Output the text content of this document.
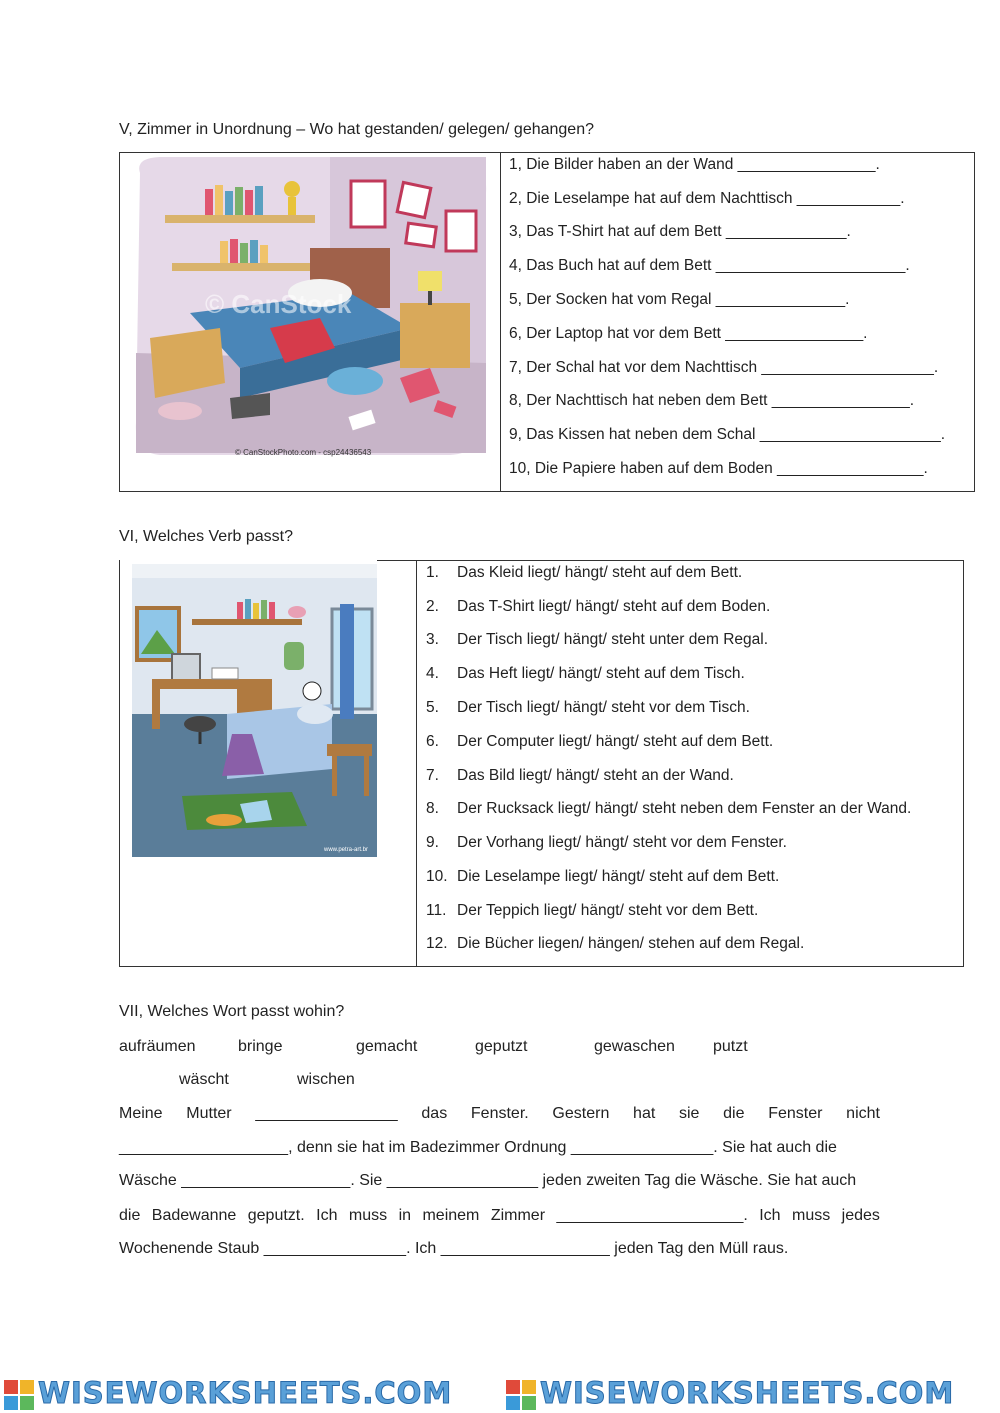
V, Zimmer in Unordnung – Wo hat gestanden/ gelegen/ gehangen?
© CanStock
© CanStockPhoto.com - csp24436543
1, Die Bilder haben an der Wand ________________.
2, Die Leselampe hat auf dem Nachttisch ____________.
3, Das T-Shirt hat auf dem Bett ______________.
4, Das Buch hat auf dem Bett ______________________.
5, Der Socken hat vom Regal _______________.
6, Der Laptop hat vor dem Bett ________________.
7, Der Schal hat vor dem Nachttisch ____________________.
8, Der Nachttisch hat neben dem Bett ________________.
9, Das Kissen hat neben dem Schal _____________________.
10, Die Papiere haben auf dem Boden _________________.
VI, Welches Verb passt?
www.petra-art.br
1. Das Kleid liegt/ hängt/ steht auf dem Bett.
2. Das T-Shirt liegt/ hängt/ steht auf dem Boden.
3. Der Tisch liegt/ hängt/ steht unter dem Regal.
4. Das Heft liegt/ hängt/ steht auf dem Tisch.
5. Der Tisch liegt/ hängt/ steht vor dem Tisch.
6. Der Computer liegt/ hängt/ steht auf dem Bett.
7. Das Bild liegt/ hängt/ steht an der Wand.
8. Der Rucksack liegt/ hängt/ steht neben dem Fenster an der Wand.
9. Der Vorhang liegt/ hängt/ steht vor dem Fenster.
10. Die Leselampe liegt/ hängt/ steht auf dem Bett.
11. Der Teppich liegt/ hängt/ steht vor dem Bett.
12. Die Bücher liegen/ hängen/ stehen auf dem Regal.
VII, Welches Wort passt wohin?
aufräumen	bringe	gemacht	geputzt	gewaschen putzt
wäscht	wischen
Meine Mutter ________________ das Fenster. Gestern hat sie die Fenster nicht
___________________, denn sie hat im Badezimmer Ordnung ________________. Sie hat auch die
Wäsche ___________________. Sie _________________ jeden zweiten Tag die Wäsche. Sie hat auch
die Badewanne geputzt. Ich muss in meinem Zimmer _____________________. Ich muss jedes
Wochenende Staub ________________. Ich ___________________ jeden Tag den Müll raus.
WISEWORKSHEETS.COM	WISEWORKSHEETS.COM
